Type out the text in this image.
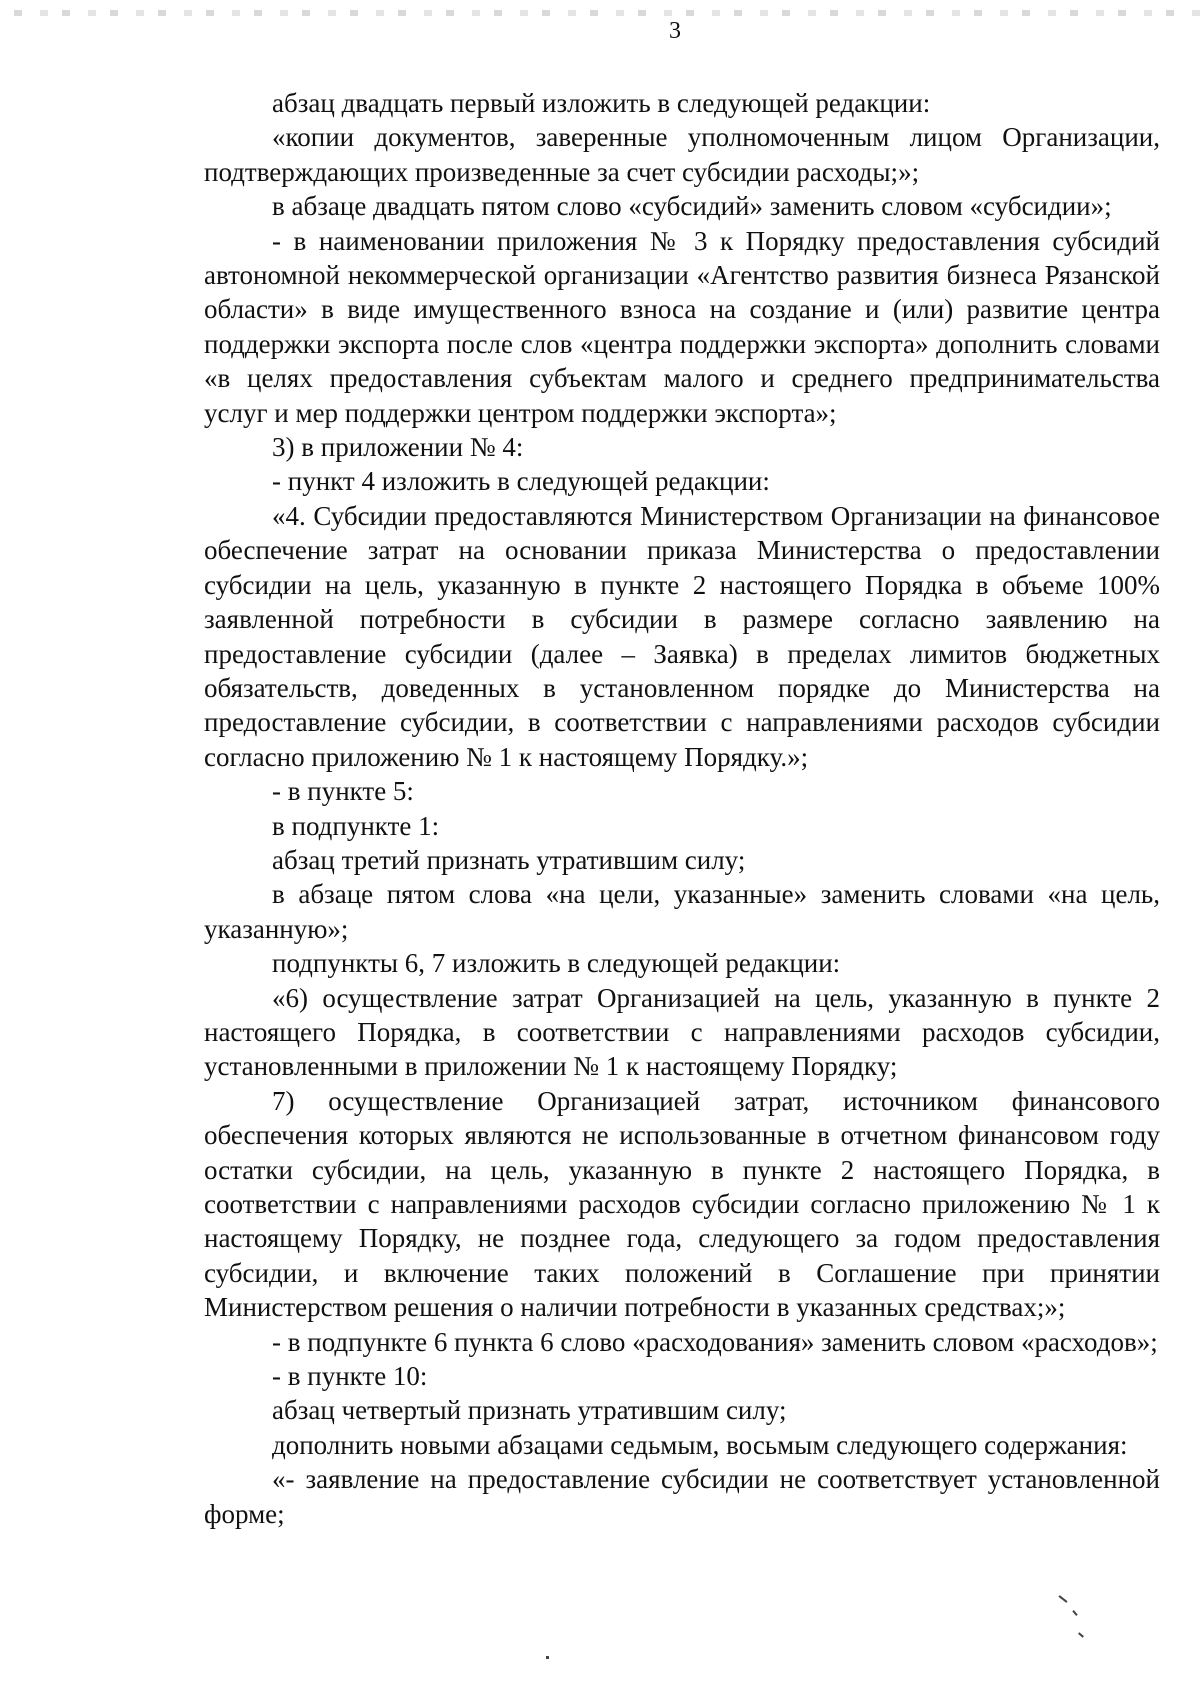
3

абзац двадцать первый изложить в следующей редакции:

«копии документов, заверенные уполномоченным лицом Организации, подтверждающих произведенные за счет субсидии расходы;»;

в абзаце двадцать пятом слово «субсидий» заменить словом «субсидии»;

- в наименовании приложения № 3 к Порядку предоставления субсидий автономной некоммерческой организации «Агентство развития бизнеса Рязанской области» в виде имущественного взноса на создание и (или) развитие центра поддержки экспорта после слов «центра поддержки экспорта» дополнить словами «в целях предоставления субъектам малого и среднего предпринимательства услуг и мер поддержки центром поддержки экспорта»;

3) в приложении № 4:

- пункт 4 изложить в следующей редакции:

«4. Субсидии предоставляются Министерством Организации на финансовое обеспечение затрат на основании приказа Министерства о предоставлении субсидии на цель, указанную в пункте 2 настоящего Порядка в объеме 100% заявленной потребности в субсидии в размере согласно заявлению на предоставление субсидии (далее – Заявка) в пределах лимитов бюджетных обязательств, доведенных в установленном порядке до Министерства на предоставление субсидии, в соответствии с направлениями расходов субсидии согласно приложению № 1 к настоящему Порядку.»;

- в пункте 5:

в подпункте 1:

абзац третий признать утратившим силу;

в абзаце пятом слова «на цели, указанные» заменить словами «на цель, указанную»;

подпункты 6, 7 изложить в следующей редакции:

«6) осуществление затрат Организацией на цель, указанную в пункте 2 настоящего Порядка, в соответствии с направлениями расходов субсидии, установленными в приложении № 1 к настоящему Порядку;

7) осуществление Организацией затрат, источником финансового обеспечения которых являются не использованные в отчетном финансовом году остатки субсидии, на цель, указанную в пункте 2 настоящего Порядка, в соответствии с направлениями расходов субсидии согласно приложению № 1 к настоящему Порядку, не позднее года, следующего за годом предоставления субсидии, и включение таких положений в Соглашение при принятии Министерством решения о наличии потребности в указанных средствах;»;

- в подпункте 6 пункта 6 слово «расходования» заменить словом «расходов»;

- в пункте 10:

абзац четвертый признать утратившим силу;

дополнить новыми абзацами седьмым, восьмым следующего содержания:

«- заявление на предоставление субсидии не соответствует установленной форме;
